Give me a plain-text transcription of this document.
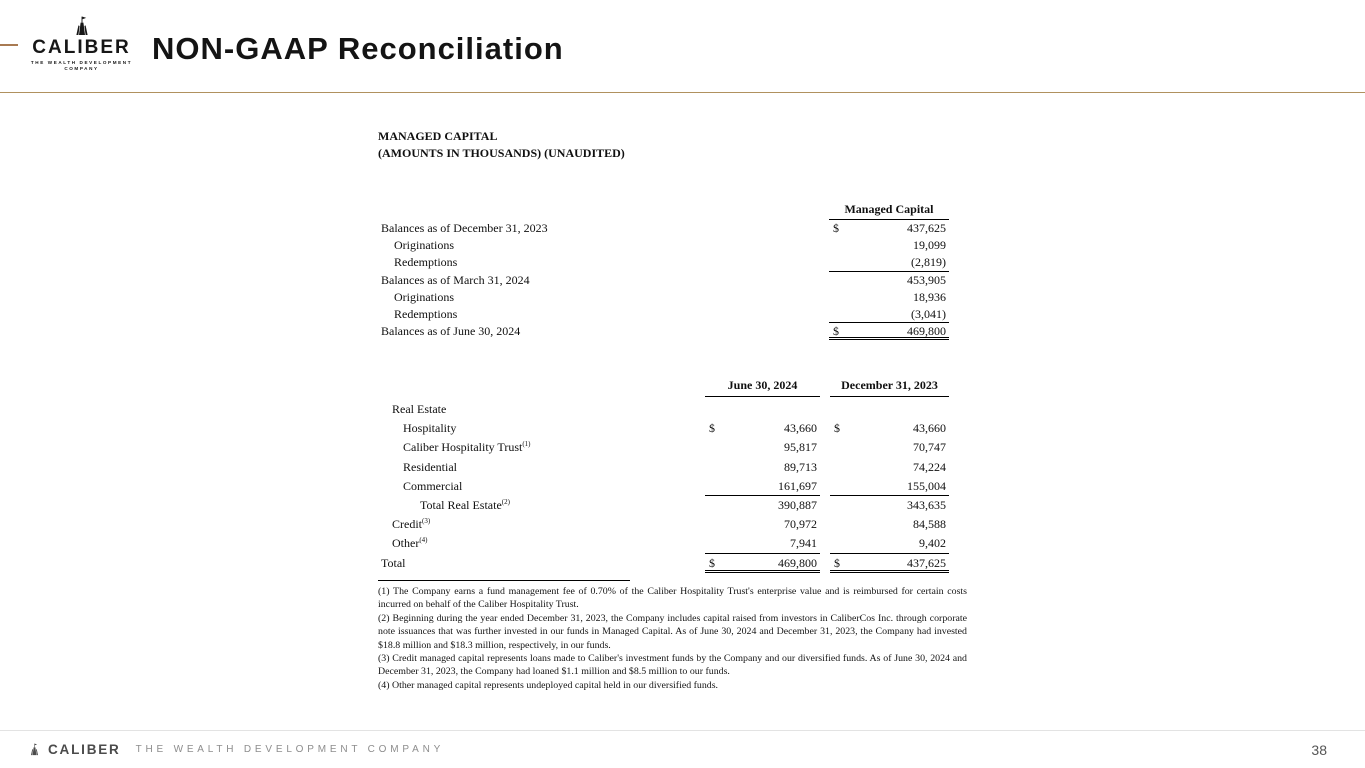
CALIBER
THE WEALTH DEVELOPMENT
COMPANY
NON-GAAP Reconciliation
MANAGED CAPITAL
(AMOUNTS IN THOUSANDS) (UNAUDITED)
Managed Capital
Balances as of December 31, 2023	$	437,625
Originations	19,099
Redemptions	(2,819)
Balances as of March 31, 2024	453,905
Originations	18,936
Redemptions	(3,041)
Balances as of June 30, 2024	$	469,800
June 30, 2024	December 31, 2023
Real Estate
Hospitality	$	43,660 $	43,660
Caliber Hospitality Trust$^{(1)}$	95,817	70,747
Residential	89,713	74,224
Commercial	161,697	155,004
Total Real Estate$^{(2)}$	390,887	343,635
Credit$^{(3)}$	70,972	84,588
Other$^{(4)}$	7,941	9,402
Total	$	469,800 $	437,625

(1) The Company earns a fund management fee of 0.70% of the Caliber Hospitality Trust's enterprise value and is reimbursed for certain costs incurred on behalf of the Caliber Hospitality Trust.

(2) Beginning during the year ended December 31, 2023, the Company includes capital raised from investors in CaliberCos Inc. through corporate note issuances that was further invested in our funds in Managed Capital. As of June 30, 2024 and December 31, 2023, the Company had invested $18.8 million and $18.3 million, respectively, in our funds.

(3) Credit managed capital represents loans made to Caliber's investment funds by the Company and our diversified funds. As of June 30, 2024 and December 31, 2023, the Company had loaned $1.1 million and $8.5 million to our funds.

(4) Other managed capital represents undeployed capital held in our diversified funds.

CALIBER THE WEALTH DEVELOPMENT COMPANY	38
